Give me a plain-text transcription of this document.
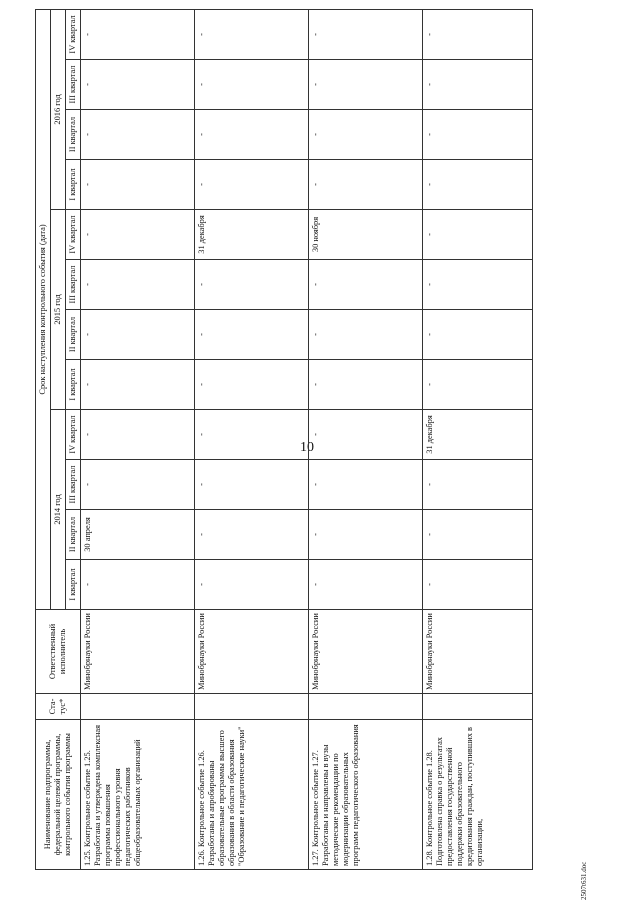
10
Наименование подпрограммы, федеральной целевой программы, контрольного события программы	Ста-тус*	Ответственный исполнитель	Срок наступления контрольного события (дата)											
			2014 год				2015 год				2016 год			
			I квартал	II квартал	III квартал	IV квартал	I квартал	II квартал	III квартал	IV квартал	I квартал	II квартал	III квартал	IV квартал
1.25. Контрольное событие 1.25. Разработана и утверждена комплексная программа повышения профессионального уровня педагогических работников общеобразовательных организаций		Минобрнауки России	-	30 апреля	-	-	-	-	-	-	-	-	-	-
1.26. Контрольное событие 1.26. Разработаны и апробированы образовательные программы высшего образования в области образования "Образование и педагогические науки"		Минобрнауки России	-	-	-	-	-	-	-	31 декабря	-	-	-	-
1.27. Контрольное событие 1.27. Разработаны и направлены в вузы методические рекомендации по модернизации образовательных программ педагогического образования		Минобрнауки России	-	-	-	-	-	-	-	30 ноября	-	-	-	-
1.28. Контрольное событие 1.28. Подготовлена справка о результатах предоставления государственной поддержки образовательного кредитования граждан, поступивших в организации,		Минобрнауки России	-	-	-	31 декабря	-	-	-	-	-	-	-	-
2507t631.doc
